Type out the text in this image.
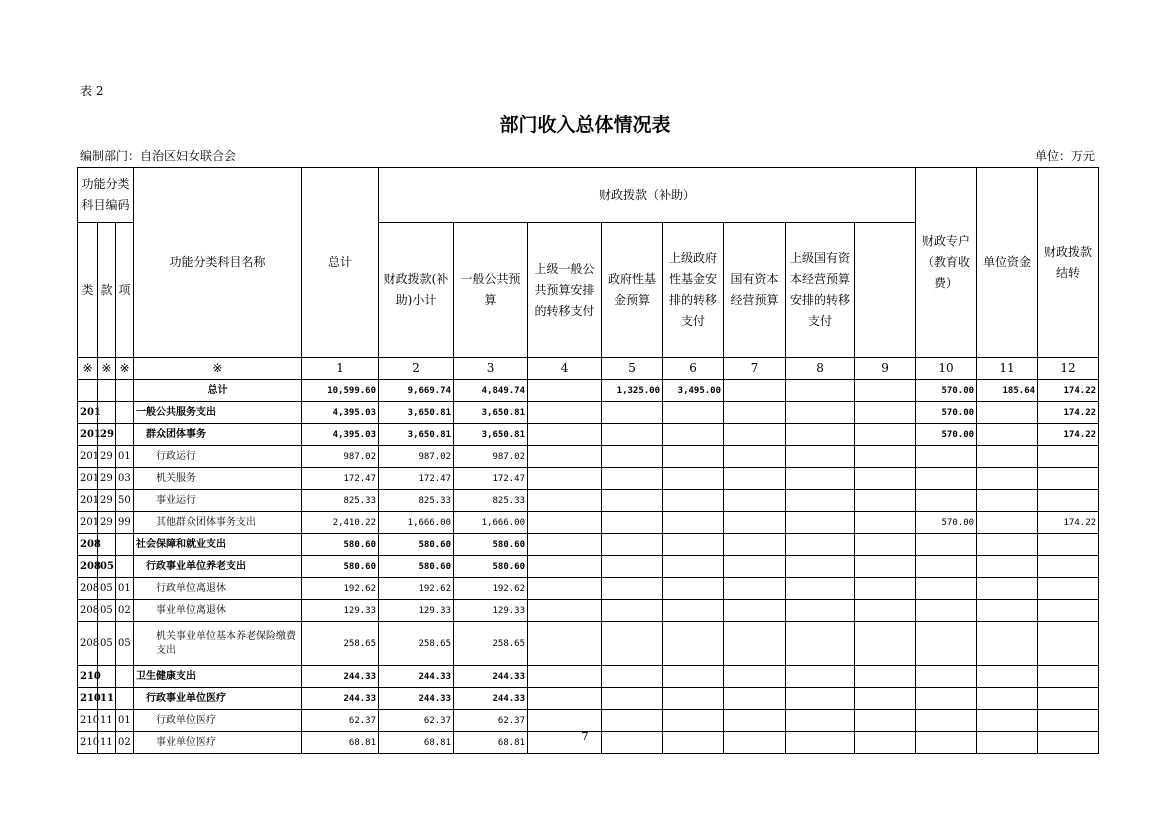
表 2
部门收入总体情况表
编制部门：自治区妇女联合会	单位：万元
功能分类科目编码			功能分类科目名称	总计	财政拨款（补助）								财政专户（教育收费）	单位资金	财政拨款结转	
类	款	项			财政拨款(补助)小计	一般公共预算	上级一般公共预算安排的转移支付	政府性基金预算	上级政府性基金安排的转移支付	国有资本经营预算	上级国有资本经营预算安排的转移支付					
※	※	※	※	1	2	3	4	5	6	7	8	9	10	11	12	
			总计	10,599.60	9,669.74	4,849.74		1,325.00	3,495.00				570.00	185.64	174.22	
201			一般公共服务支出	4,395.03	3,650.81	3,650.81							570.00		174.22	
201	29		群众团体事务	4,395.03	3,650.81	3,650.81							570.00		174.22	
201	29	01	行政运行	987.02	987.02	987.02										
201	29	03	机关服务	172.47	172.47	172.47										
201	29	50	事业运行	825.33	825.33	825.33										
201	29	99	其他群众团体事务支出	2,410.22	1,666.00	1,666.00							570.00		174.22	
208			社会保障和就业支出	580.60	580.60	580.60										
208	05		行政事业单位养老支出	580.60	580.60	580.60										
208	05	01	行政单位离退休	192.62	192.62	192.62										
208	05	02	事业单位离退休	129.33	129.33	129.33										
208	05	05	机关事业单位基本养老保险缴费支出	258.65	258.65	258.65										
210			卫生健康支出	244.33	244.33	244.33										
210	11		行政事业单位医疗	244.33	244.33	244.33										
210	11	01	行政单位医疗	62.37	62.37	62.37										
210	11	02	事业单位医疗	68.81	68.81	68.81											7
